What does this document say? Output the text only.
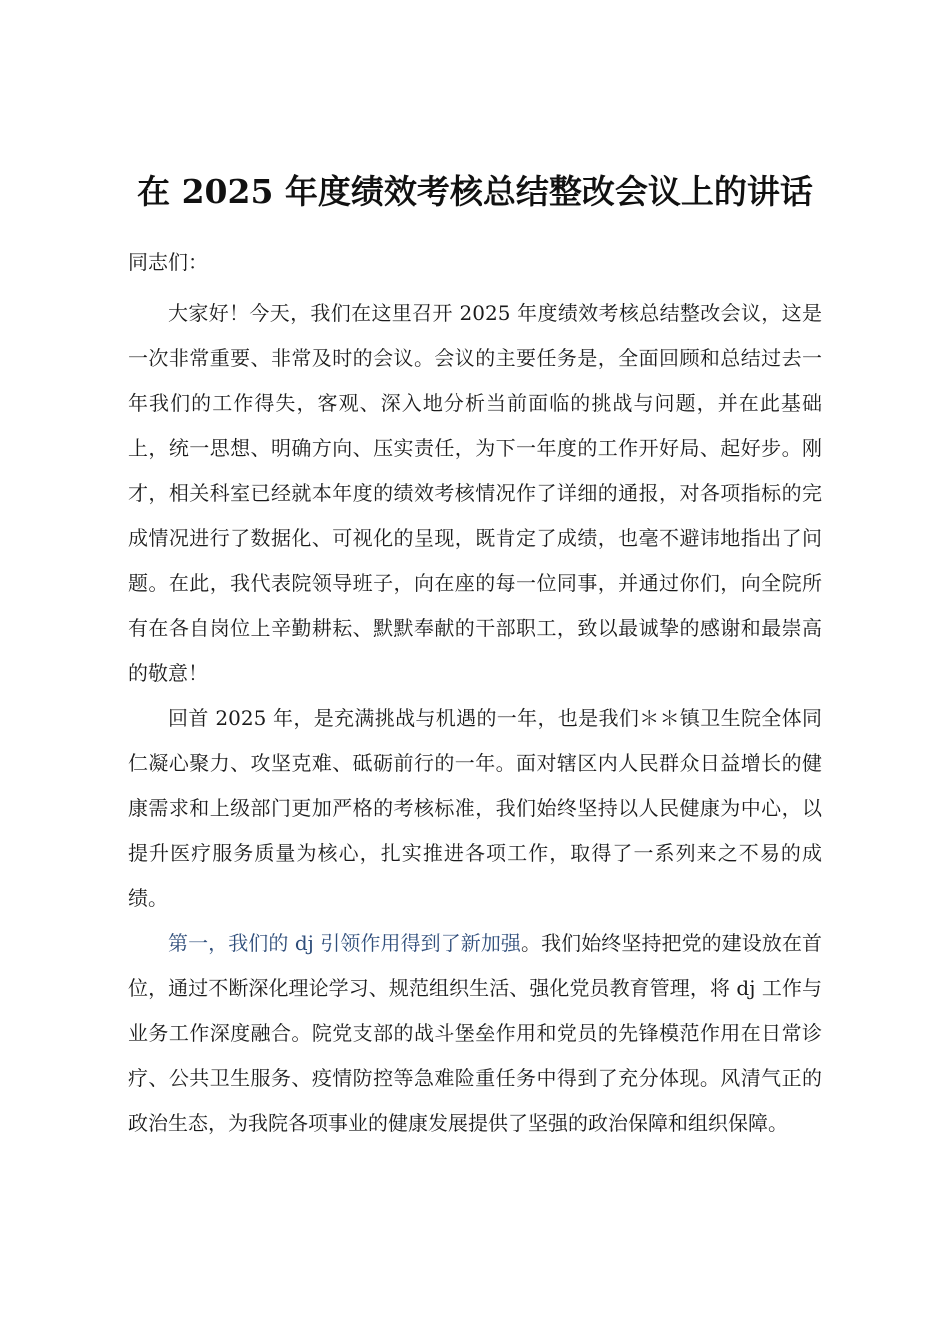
在 2025 年度绩效考核总结整改会议上的讲话

同志们：

大家好！今天，我们在这里召开 2025 年度绩效考核总结整改会议，这是一次非常重要、非常及时的会议。会议的主要任务是，全面回顾和总结过去一年我们的工作得失，客观、深入地分析当前面临的挑战与问题，并在此基础上，统一思想、明确方向、压实责任，为下一年度的工作开好局、起好步。刚才，相关科室已经就本年度的绩效考核情况作了详细的通报，对各项指标的完成情况进行了数据化、可视化的呈现，既肯定了成绩，也毫不避讳地指出了问题。在此，我代表院领导班子，向在座的每一位同事，并通过你们，向全院所有在各自岗位上辛勤耕耘、默默奉献的干部职工，致以最诚挚的感谢和最崇高的敬意！

回首 2025 年，是充满挑战与机遇的一年，也是我们＊＊镇卫生院全体同仁凝心聚力、攻坚克难、砥砺前行的一年。面对辖区内人民群众日益增长的健康需求和上级部门更加严格的考核标准，我们始终坚持以人民健康为中心，以提升医疗服务质量为核心，扎实推进各项工作，取得了一系列来之不易的成绩。

第一，我们的 dj 引领作用得到了新加强。我们始终坚持把党的建设放在首位，通过不断深化理论学习、规范组织生活、强化党员教育管理，将 dj 工作与业务工作深度融合。院党支部的战斗堡垒作用和党员的先锋模范作用在日常诊疗、公共卫生服务、疫情防控等急难险重任务中得到了充分体现。风清气正的政治生态，为我院各项事业的健康发展提供了坚强的政治保障和组织保障。
